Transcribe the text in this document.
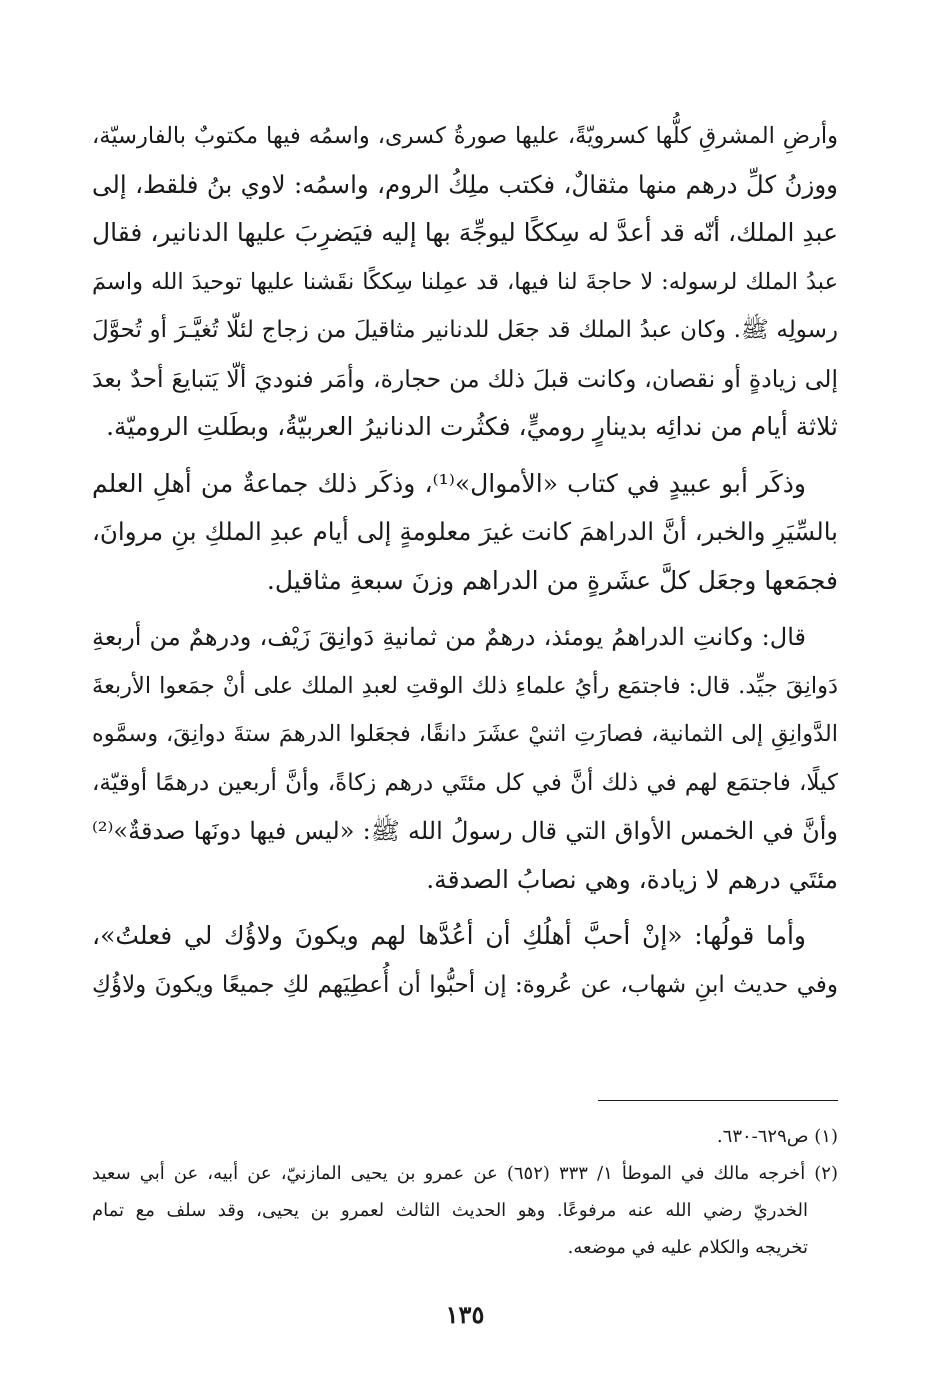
وأرضِ المشرقِ كلُّها كسرويّةً، عليها صورةُ كسرى، واسمُه فيها مكتوبٌ بالفارسيّة،
ووزنُ كلِّ درهم منها مثقالٌ، فكتب ملِكُ الروم، واسمُه: لاوي بنُ فلقط، إلى
عبدِ الملك، أنّه قد أعدَّ له سِككًا ليوجِّهَ بها إليه فيَضرِبَ عليها الدنانير، فقال
عبدُ الملك لرسوله: لا حاجةَ لنا فيها، قد عمِلنا سِككًا نقَشنا عليها توحيدَ الله واسمَ
رسولِه ﷺ. وكان عبدُ الملك قد جعَل للدنانير مثاقيلَ من زجاج لئلّا تُغيَّـرَ أو تُحوَّلَ
إلى زيادةٍ أو نقصان، وكانت قبلَ ذلك من حجارة، وأمَر فنوديَ ألّا يَتبايعَ أحدٌ بعدَ
ثلاثة أيام من ندائِه بدينارٍ روميٍّ، فكثُرت الدنانيرُ العربيّةُ، وبطَلتِ الروميّة.

وذكَر أبو عبيدٍ في كتاب «الأموال»⁽¹⁾، وذكَر ذلك جماعةٌ من أهلِ العلم
بالسِّيَرِ والخبر، أنَّ الدراهمَ كانت غيرَ معلومةٍ إلى أيام عبدِ الملكِ بنِ مروانَ،
فجمَعها وجعَل كلَّ عشَرةٍ من الدراهم وزنَ سبعةِ مثاقيل.

قال: وكانتِ الدراهمُ يومئذ، درهمٌ من ثمانيةِ دَوانِقَ زَيْف، ودرهمٌ من أربعةِ
دَوانِقَ جيِّد. قال: فاجتمَع رأيُ علماءِ ذلك الوقتِ لعبدِ الملك على أنْ جمَعوا الأربعةَ
الدَّوانِقِ إلى الثمانية، فصارَتِ اثنيْ عشَرَ دانقًا، فجعَلوا الدرهمَ ستةَ دوانِقَ، وسمَّوه
كيلًا، فاجتمَع لهم في ذلك أنَّ في كل مئتَي درهم زكاةً، وأنَّ أربعين درهمًا أوقيّة،
وأنَّ في الخمس الأواق التي قال رسولُ الله ﷺ: «ليس فيها دونَها صدقةٌ»⁽²⁾
مئتَي درهم لا زيادة، وهي نصابُ الصدقة.

وأما قولُها: «إنْ أحبَّ أهلُكِ أن أعُدَّها لهم ويكونَ ولاؤُك لي فعلتُ»،
وفي حديث ابنِ شهاب، عن عُروة: إن أحبُّوا أن أُعطِيَهم لكِ جميعًا ويكونَ ولاؤُكِ

(١) ص٦٢٩-٦٣٠.
(٢) أخرجه مالك في الموطأ ١/ ٣٣٣ (٦٥٢) عن عمرو بن يحيى المازنيّ، عن أبيه، عن أبي سعيد
الخدريّ رضي الله عنه مرفوعًا. وهو الحديث الثالث لعمرو بن يحيى، وقد سلف مع تمام
تخريجه والكلام عليه في موضعه.
١٣٥
